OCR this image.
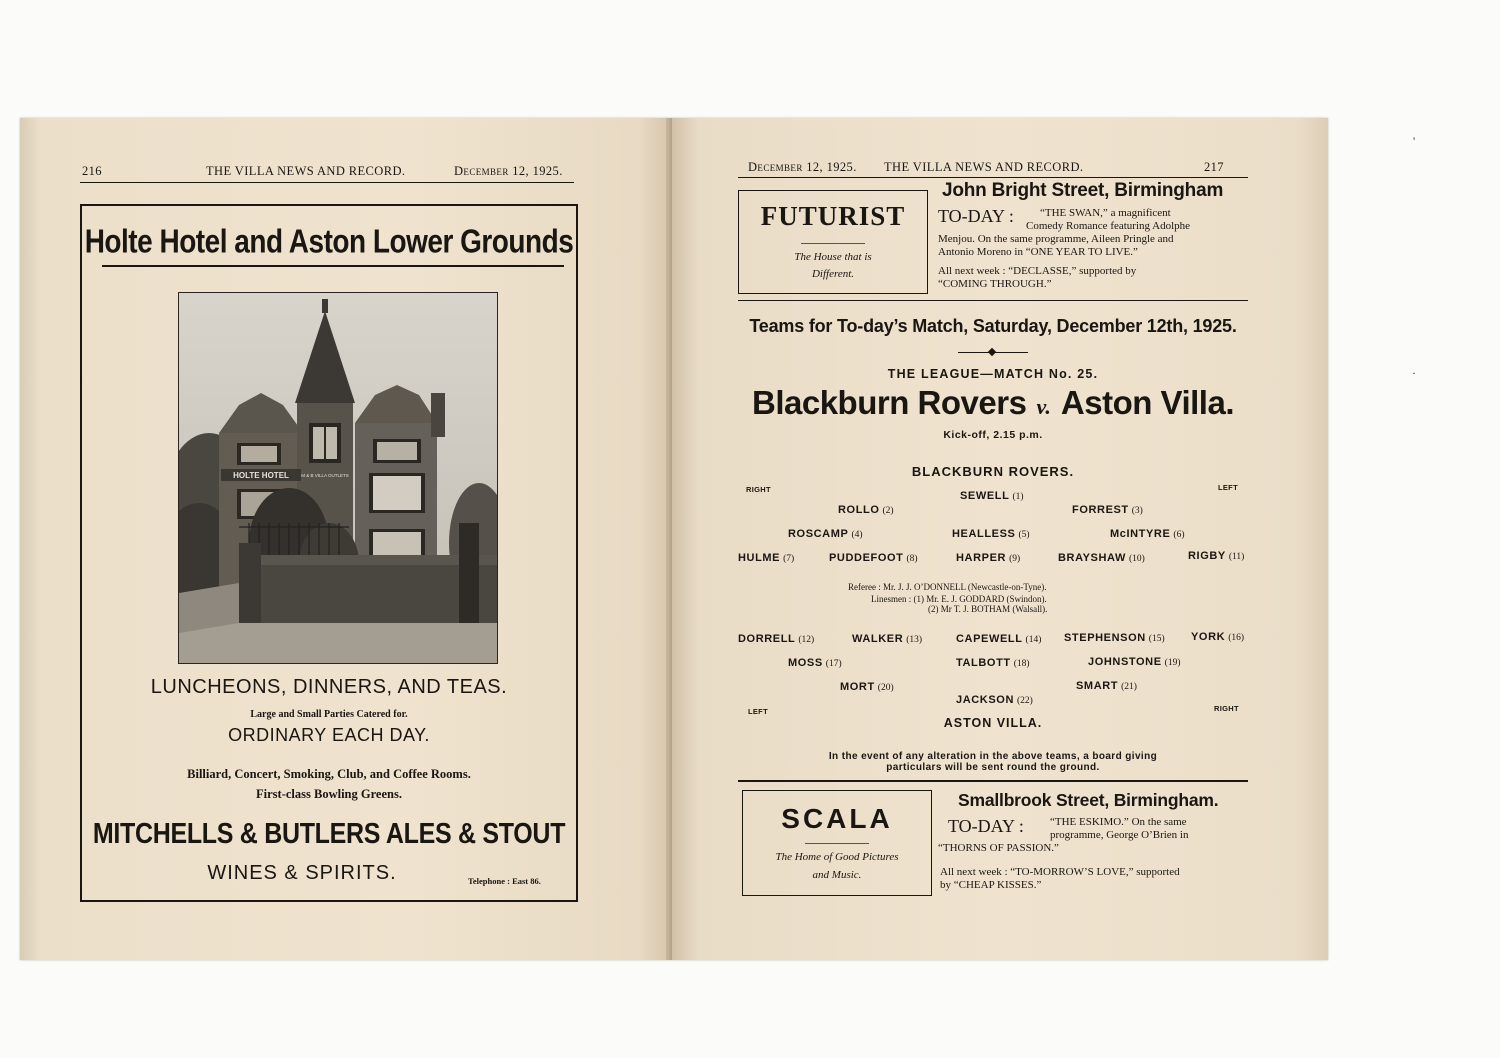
216	THE VILLA NEWS AND RECORD.	December 12, 1925.
Holte Hotel and Aston Lower Grounds
HOLTE HOTEL	M & B VILLA OUTLETS
LUNCHEONS, DINNERS, AND TEAS.
Large and Small Parties Catered for.
ORDINARY EACH DAY.
Billiard, Concert, Smoking, Club, and Coffee Rooms.
First-class Bowling Greens.
MITCHELLS & BUTLERS ALES & STOUT
WINES & SPIRITS.	Telephone : East 86.
December 12, 1925. THE VILLA NEWS AND RECORD.	217
FUTURIST
The House that is
Different.
John Bright Street, Birmingham
TO-DAY : “THE SWAN,” a magnificent
Comedy Romance featuring Adolphe
Menjou. On the same programme, Aileen Pringle and
Antonio Moreno in “ONE YEAR TO LIVE.”
All next week : “DECLASSE,” supported by
“COMING THROUGH.”
Teams for To-day’s Match, Saturday, December 12th, 1925.
THE LEAGUE—MATCH No. 25.
Blackburn Rovers v. Aston Villa.
Kick-off, 2.15 p.m.
BLACKBURN ROVERS.
RIGHT	LEFT
SEWELL (1)
ROLLO (2)	FORREST (3)
ROSCAMP (4)	HEALLESS (5)	McINTYRE (6)
HULME (7)	PUDDEFOOT (8)	HARPER (9)	BRAYSHAW (10)	RIGBY (11)
Referee : Mr. J. J. O’DONNELL (Newcastle-on-Tyne).
Linesmen : (1) Mr. E. J. GODDARD (Swindon).
(2) Mr T. J. BOTHAM (Walsall).
DORRELL (12)	WALKER (13)	CAPEWELL (14) STEPHENSON (15) YORK (16)
MOSS (17)	TALBOTT (18)	JOHNSTONE (19)
MORT (20)	SMART (21)
JACKSON (22)
LEFT	RIGHT
ASTON VILLA.
In the event of any alteration in the above teams, a board giving
particulars will be sent round the ground.
SCALA
The Home of Good Pictures
and Music.
Smallbrook Street, Birmingham.
TO-DAY : “THE ESKIMO.” On the same
programme, George O’Brien in
“THORNS OF PASSION.”
All next week : “TO-MORROW’S LOVE,” supported
by “CHEAP KISSES.”
'
·
